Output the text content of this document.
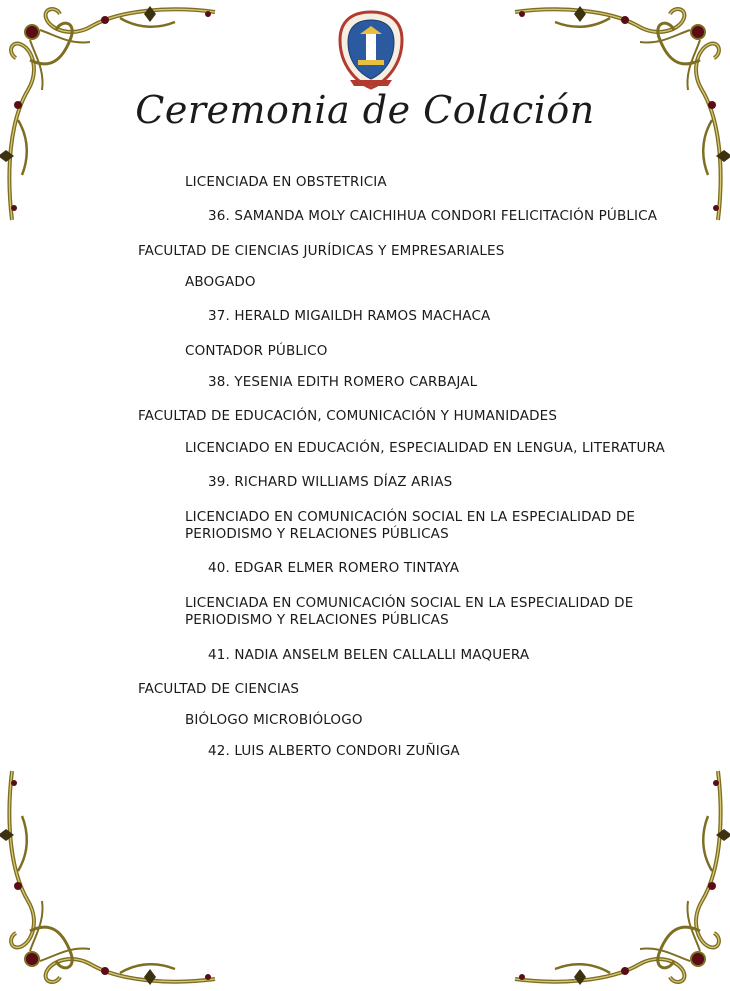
Ceremonia de Colación
LICENCIADA EN OBSTETRICIA
36. SAMANDA MOLY CAICHIHUA CONDORI FELICITACIÓN PÚBLICA
FACULTAD DE CIENCIAS JURÍDICAS Y EMPRESARIALES
ABOGADO
37. HERALD MIGAILDH RAMOS MACHACA
CONTADOR PÚBLICO
38. YESENIA EDITH ROMERO CARBAJAL
FACULTAD DE EDUCACIÓN, COMUNICACIÓN Y HUMANIDADES
LICENCIADO EN EDUCACIÓN, ESPECIALIDAD EN LENGUA, LITERATURA
39. RICHARD WILLIAMS DÍAZ ARIAS
LICENCIADO EN COMUNICACIÓN SOCIAL EN LA ESPECIALIDAD DE
PERIODISMO Y RELACIONES PÚBLICAS
40. EDGAR ELMER ROMERO TINTAYA
LICENCIADA EN COMUNICACIÓN SOCIAL EN LA ESPECIALIDAD DE
PERIODISMO Y RELACIONES PÚBLICAS
41. NADIA ANSELM BELEN CALLALLI MAQUERA
FACULTAD DE CIENCIAS
BIÓLOGO MICROBIÓLOGO
42. LUIS ALBERTO CONDORI ZUÑIGA
